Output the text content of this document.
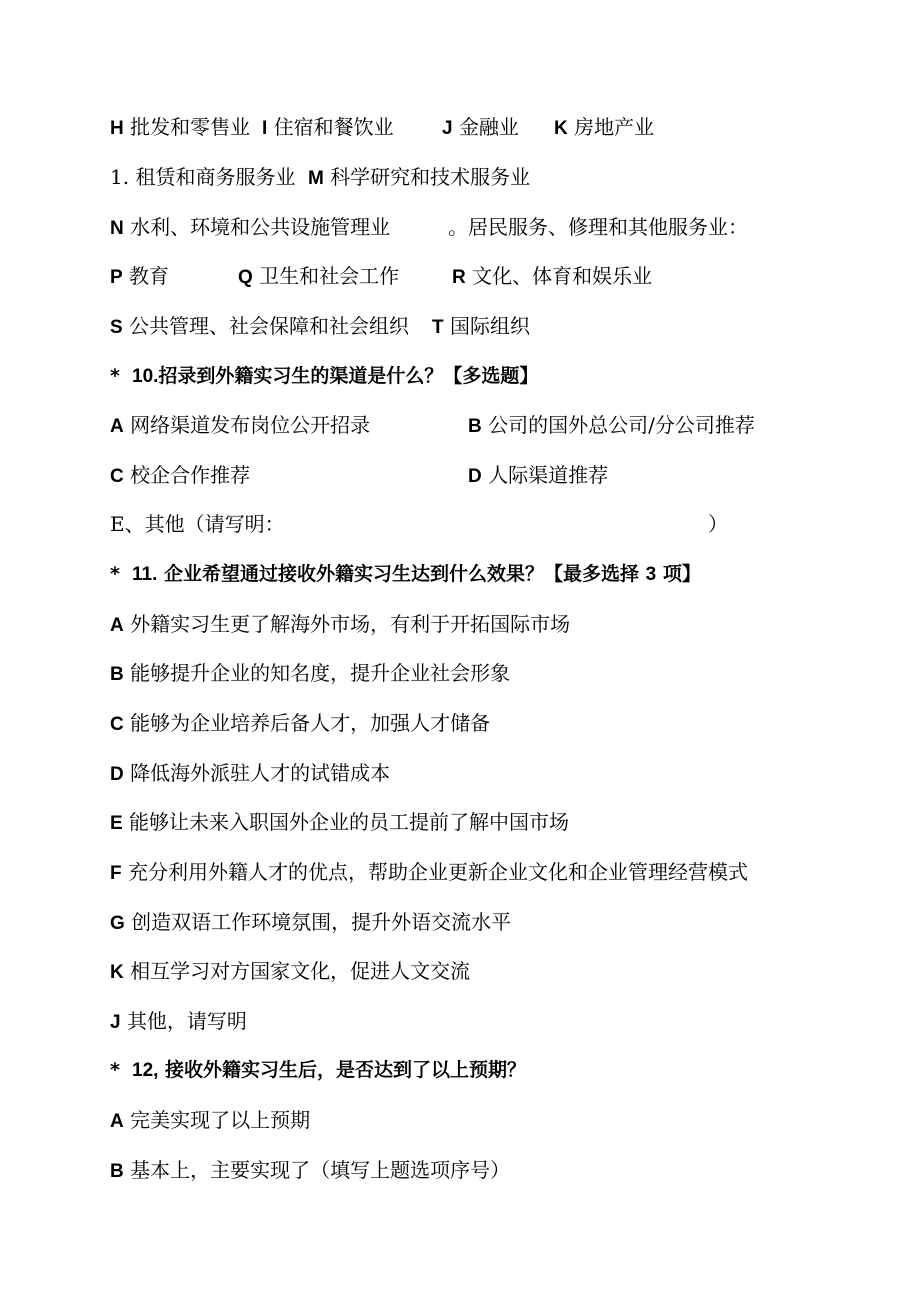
H 批发和零售业 I 住宿和餐饮业	J 金融业 K 房地产业
1. 租赁和商务服务业 M 科学研究和技术服务业
N 水利、环境和公共设施管理业	。居民服务、修理和其他服务业：
P 教育	Q 卫生和社会工作	R 文化、体育和娱乐业
S 公共管理、社会保障和社会组织 T 国际组织
* 10.招录到外籍实习生的渠道是什么？【多选题】
A 网络渠道发布岗位公开招录	B 公司的国外总公司/分公司推荐
C 校企合作推荐	D 人际渠道推荐
E、其他（请写明：	）
* 11. 企业希望通过接收外籍实习生达到什么效果？【最多选择 3 项】
A 外籍实习生更了解海外市场，有利于开拓国际市场
B 能够提升企业的知名度，提升企业社会形象
C 能够为企业培养后备人才，加强人才储备
D 降低海外派驻人才的试错成本
E 能够让未来入职国外企业的员工提前了解中国市场
F 充分利用外籍人才的优点，帮助企业更新企业文化和企业管理经营模式
G 创造双语工作环境氛围，提升外语交流水平
K 相互学习对方国家文化，促进人文交流
J 其他，请写明
* 12, 接收外籍实习生后，是否达到了以上预期？
A 完美实现了以上预期
B 基本上，主要实现了（填写上题选项序号）
